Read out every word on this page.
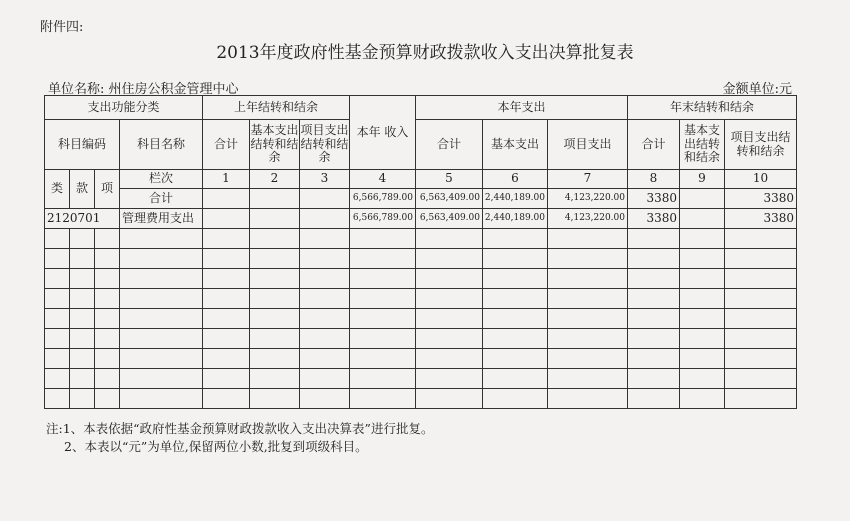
附件四:
2013年度政府性基金预算财政拨款收入支出决算批复表
单位名称: 州住房公积金管理中心	金额单位:元
支出功能分类				上年结转和结余			本年 收入	本年支出			年末结转和结余		
科目编码			科目名称	合计	基本支出结转和结余	项目支出结转和结余		合计	基本支出	项目支出	合计	基本支出结转和结余	项目支出结转和结余
类	款	项	栏次	1	2	3	4	5	6	7	8	9	10
			合计				6,566,789.00	6,563,409.00	2,440,189.00	4,123,220.00	3380		3380
2120701			管理费用支出				6,566,789.00	6,563,409.00	2,440,189.00	4,123,220.00	3380		3380

注:1、本表依据“政府性基金预算财政拨款收入支出决算表”进行批复。
2、本表以“元”为单位,保留两位小数,批复到项级科目。
